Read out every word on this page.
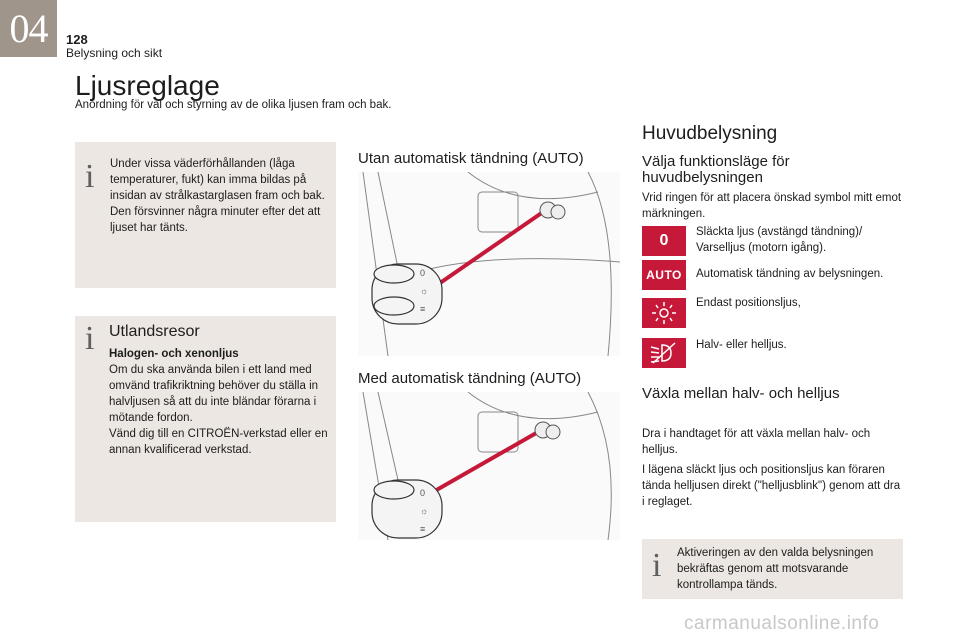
04	128
Belysning och sikt
Ljusreglage
Anordning för val och styrning av de olika ljusen fram och bak.
i Under vissa väderförhållanden (låga temperaturer, fukt) kan imma bildas på insidan av strålkastarglasen fram och bak. Den försvinner några minuter efter det att ljuset har tänts.
i Utlandsresor
Halogen- och xenonljus
Om du ska använda bilen i ett land med omvänd trafikriktning behöver du ställa in halvljusen så att du inte bländar förarna i mötande fordon.
Vänd dig till en CITROËN-verkstad eller en annan kvalificerad verkstad.
Utan automatisk tändning (AUTO)
0
☼
≡
Med automatisk tändning (AUTO)
0
☼
≡
Huvudbelysning
Välja funktionsläge för huvudbelysningen
Vrid ringen för att placera önskad symbol mitt emot märkningen.
0 Släckta ljus (avstängd tändning)/ Varselljus (motorn igång).
AUTO Automatisk tändning av belysningen.
Endast positionsljus,
Halv- eller helljus.
Växla mellan halv- och helljus
Dra i handtaget för att växla mellan halv- och helljus.
I lägena släckt ljus och positionsljus kan föraren tända helljusen direkt ("helljusblink") genom att dra i reglaget.
i Aktiveringen av den valda belysningen bekräftas genom att motsvarande kontrollampa tänds.
carmanualsonline.info
